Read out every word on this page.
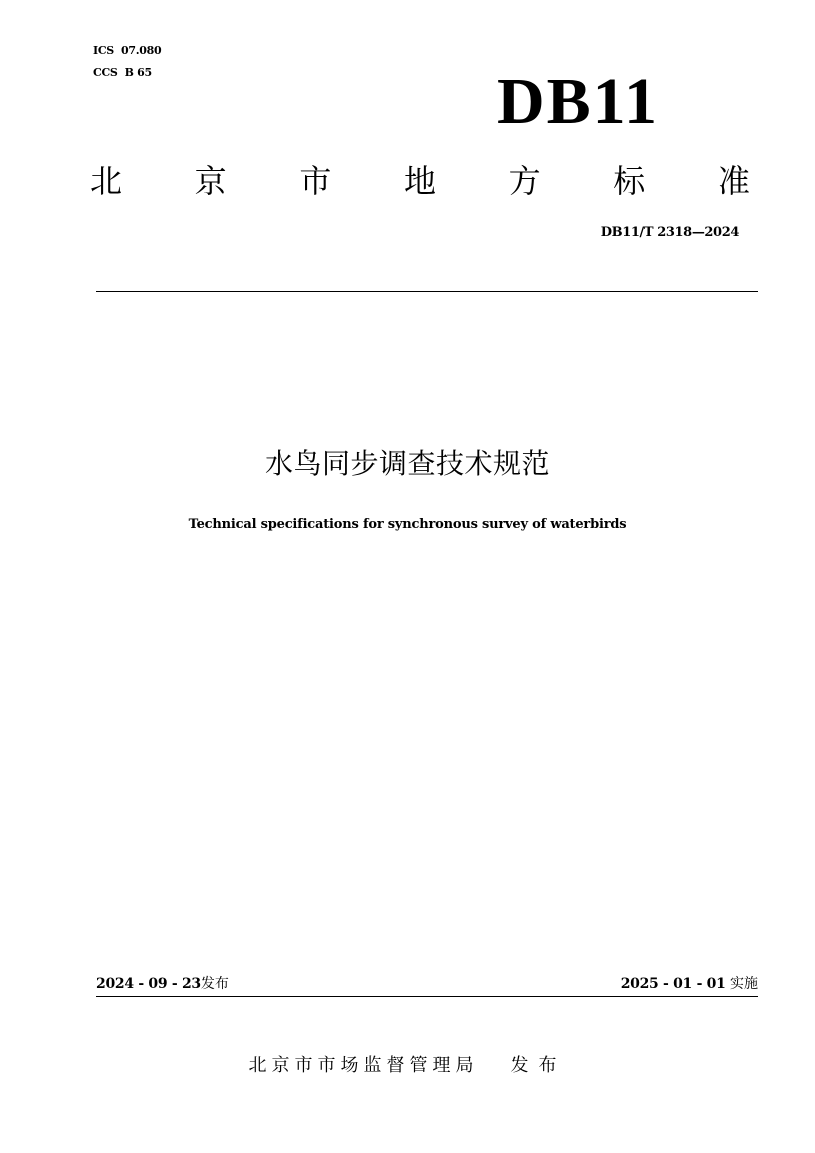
ICS  07.080
CCS  B 65	DB11
北 京 市 地 方 标 准
DB11/T 2318—2024
水鸟同步调查技术规范
Technical specifications for synchronous survey of waterbirds
2024 - 09 - 23发布	2025 - 01 - 01 实施
北京市市场监督管理局 发布
